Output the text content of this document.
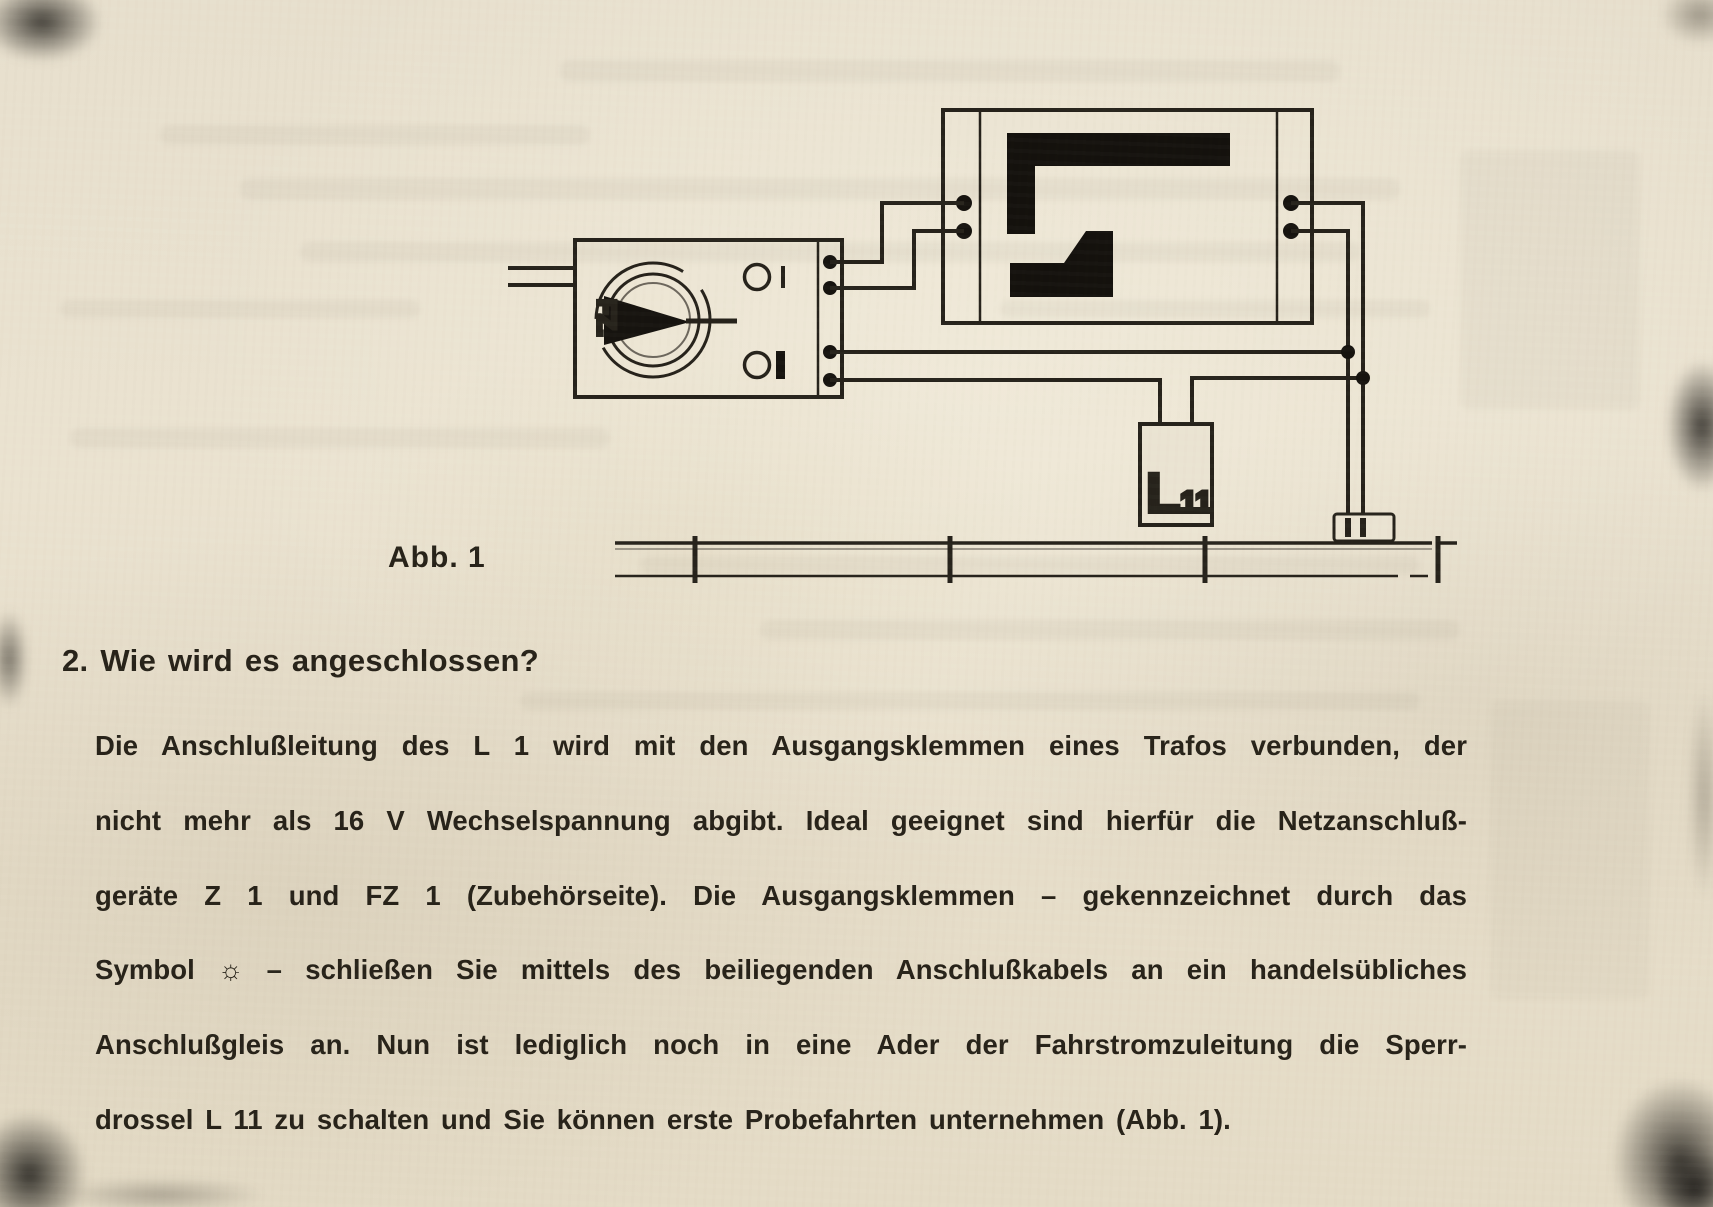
FZ.
L11
Abb. 1
2. Wie wird es angeschlossen?
Die Anschlußleitung des L 1 wird mit den Ausgangsklemmen eines Trafos verbunden, der
nicht mehr als 16 V Wechselspannung abgibt. Ideal geeignet sind hierfür die Netzanschluß-
geräte Z 1 und FZ 1 (Zubehörseite). Die Ausgangsklemmen – gekennzeichnet durch das
Symbol ☼ – schließen Sie mittels des beiliegenden Anschlußkabels an ein handelsübliches
Anschlußgleis an. Nun ist lediglich noch in eine Ader der Fahrstromzuleitung die Sperr-
drossel L 11 zu schalten und Sie können erste Probefahrten unternehmen (Abb. 1).
